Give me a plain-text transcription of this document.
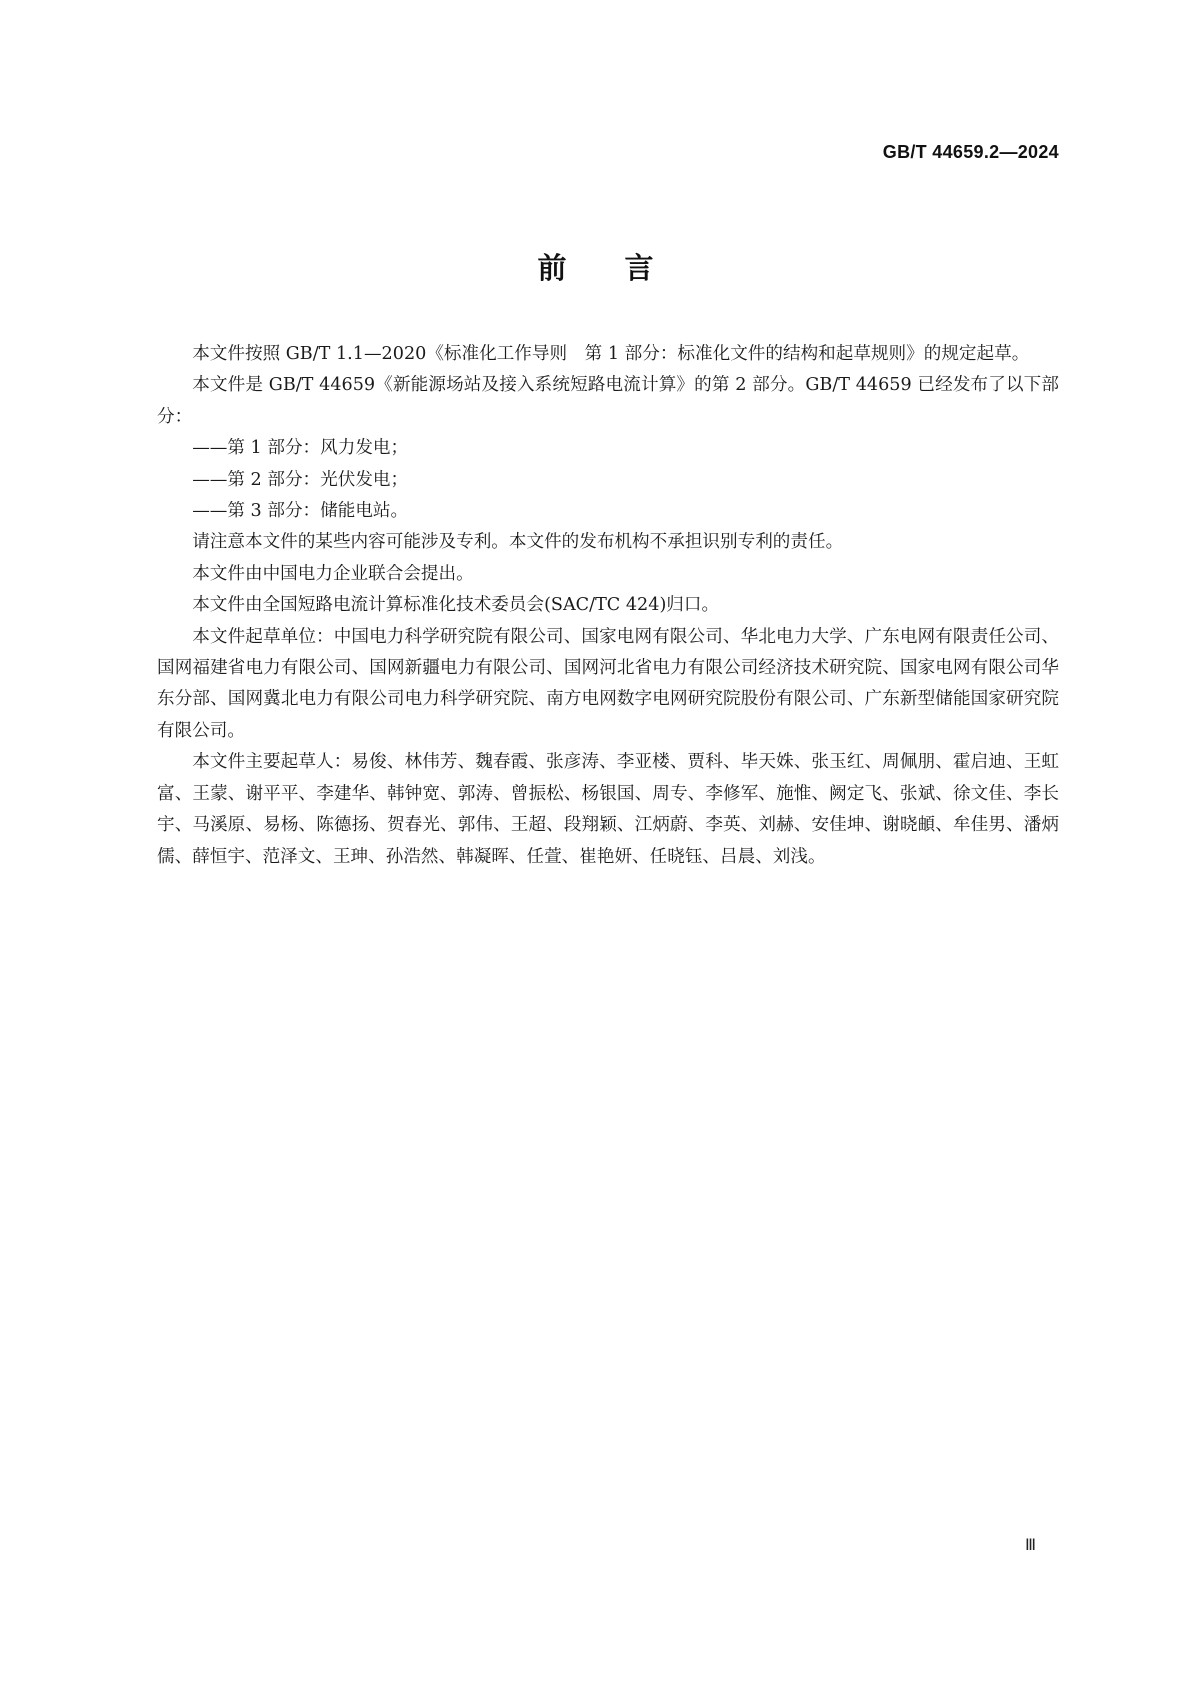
GB/T 44659.2—2024
前言

本文件按照 GB/T 1.1—2020《标准化工作导则　第 1 部分：标准化文件的结构和起草规则》的规定起草。

本文件是 GB/T 44659《新能源场站及接入系统短路电流计算》的第 2 部分。GB/T 44659 已经发布了以下部分：

——第 1 部分：风力发电；

——第 2 部分：光伏发电；

——第 3 部分：储能电站。

请注意本文件的某些内容可能涉及专利。本文件的发布机构不承担识别专利的责任。

本文件由中国电力企业联合会提出。

本文件由全国短路电流计算标准化技术委员会(SAC/TC 424)归口。

本文件起草单位：中国电力科学研究院有限公司、国家电网有限公司、华北电力大学、广东电网有限责任公司、国网福建省电力有限公司、国网新疆电力有限公司、国网河北省电力有限公司经济技术研究院、国家电网有限公司华东分部、国网冀北电力有限公司电力科学研究院、南方电网数字电网研究院股份有限公司、广东新型储能国家研究院有限公司。

本文件主要起草人：易俊、林伟芳、魏春霞、张彦涛、李亚楼、贾科、毕天姝、张玉红、周佩朋、霍启迪、王虹富、王蒙、谢平平、李建华、韩钟宽、郭涛、曾振松、杨银国、周专、李修军、施惟、阙定飞、张斌、徐文佳、李长宇、马溪原、易杨、陈德扬、贺春光、郭伟、王超、段翔颖、江炳蔚、李英、刘赫、安佳坤、谢晓頔、牟佳男、潘炳儒、薛恒宇、范泽文、王珅、孙浩然、韩凝晖、任萱、崔艳妍、任晓钰、吕晨、刘浅。

Ⅲ
